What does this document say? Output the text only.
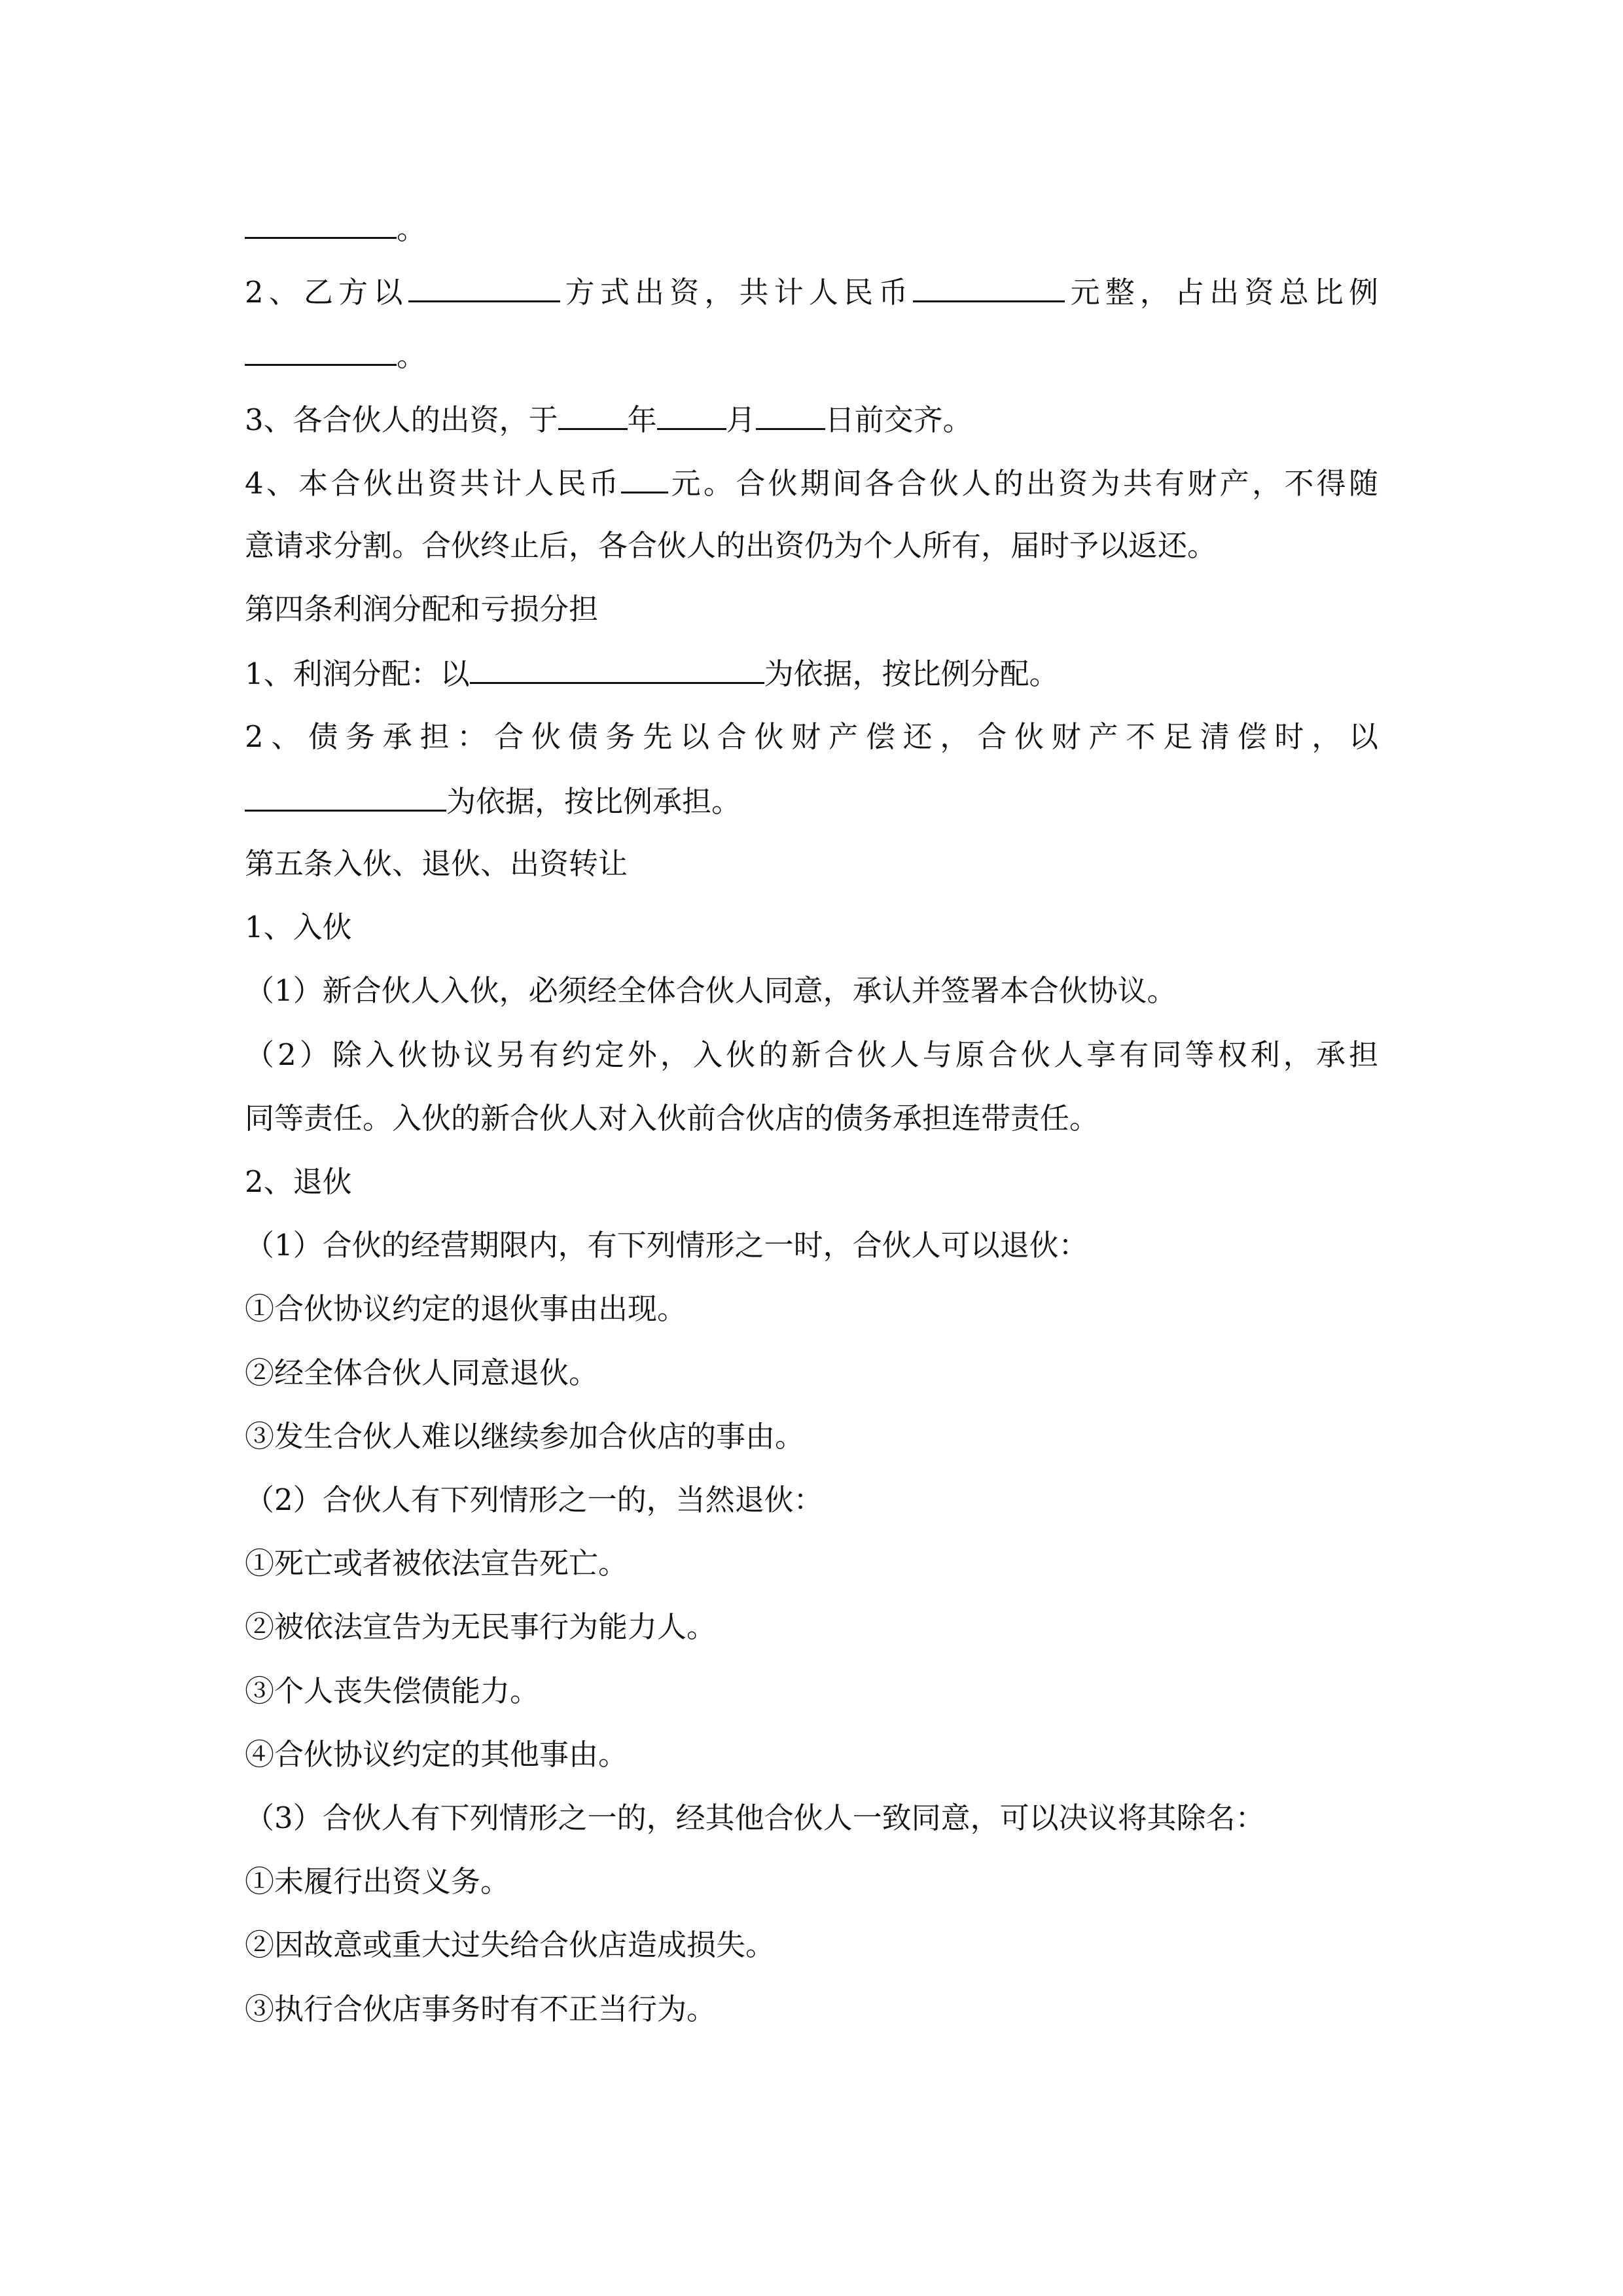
。
2、乙方以	方式出资，共计人民币	元整，占出资总比例
。
3、各合伙人的出资，于 年 月 日前交齐。
4、本合伙出资共计人民币 元。合伙期间各合伙人的出资为共有财产，不得随
意请求分割。合伙终止后，各合伙人的出资仍为个人所有，届时予以返还。
第四条利润分配和亏损分担
1、利润分配：以	为依据，按比例分配。
2、债务承担：合伙债务先以合伙财产偿还，合伙财产不足清偿时，以
为依据，按比例承担。
第五条入伙、退伙、出资转让
1、入伙
（1）新合伙人入伙，必须经全体合伙人同意，承认并签署本合伙协议。
（2）除入伙协议另有约定外，入伙的新合伙人与原合伙人享有同等权利，承担
同等责任。入伙的新合伙人对入伙前合伙店的债务承担连带责任。
2、退伙
（1）合伙的经营期限内，有下列情形之一时，合伙人可以退伙：
①合伙协议约定的退伙事由出现。
②经全体合伙人同意退伙。
③发生合伙人难以继续参加合伙店的事由。
（2）合伙人有下列情形之一的，当然退伙：
①死亡或者被依法宣告死亡。
②被依法宣告为无民事行为能力人。
③个人丧失偿债能力。
④合伙协议约定的其他事由。
（3）合伙人有下列情形之一的，经其他合伙人一致同意，可以决议将其除名：
①未履行出资义务。
②因故意或重大过失给合伙店造成损失。
③执行合伙店事务时有不正当行为。
